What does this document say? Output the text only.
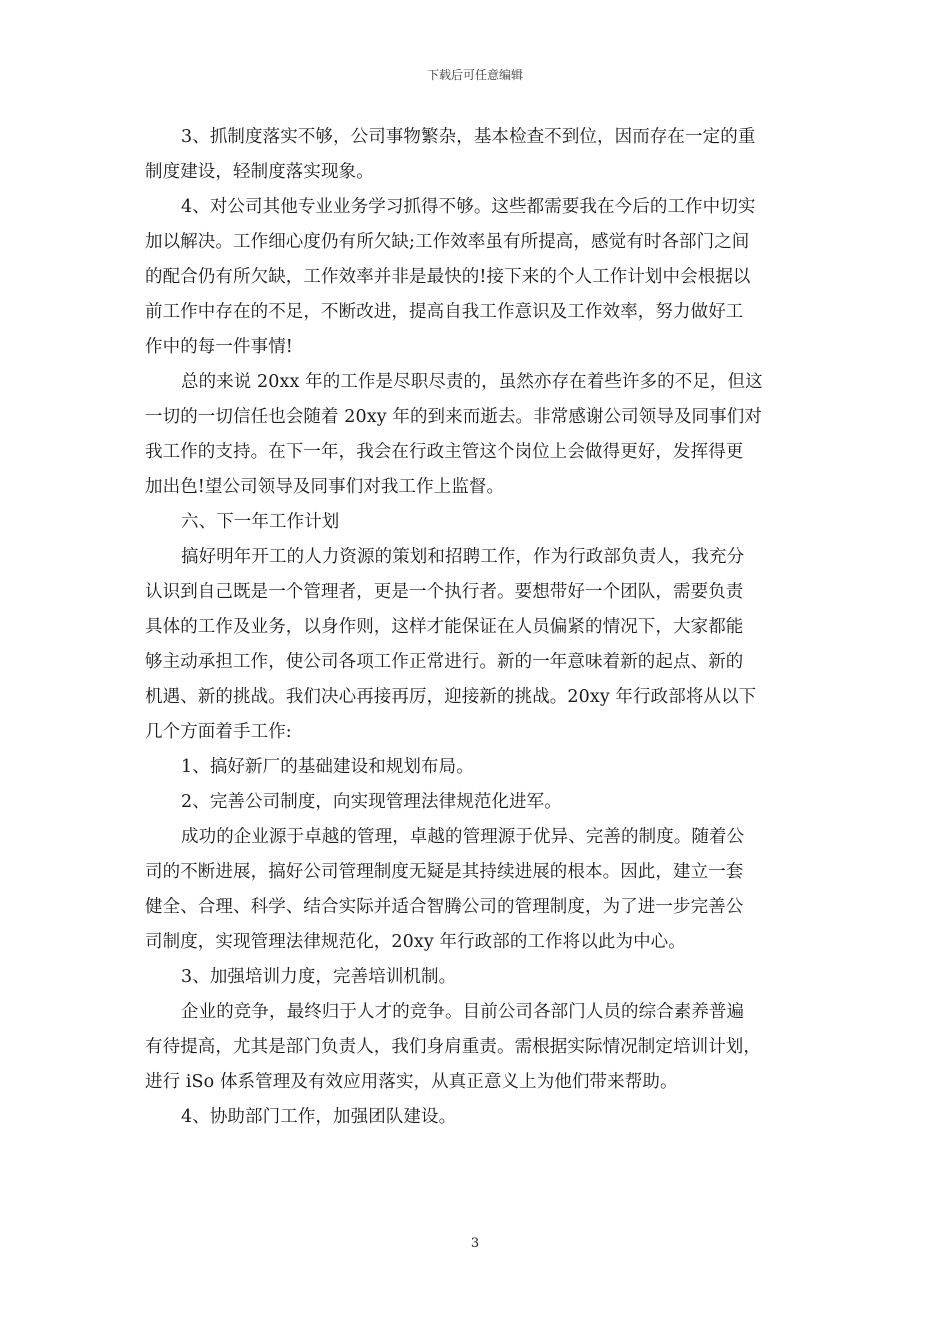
下载后可任意编辑

3、抓制度落实不够，公司事物繁杂，基本检查不到位，因而存在一定的重
制度建设，轻制度落实现象。

4、对公司其他专业业务学习抓得不够。这些都需要我在今后的工作中切实
加以解决。工作细心度仍有所欠缺;工作效率虽有所提高，感觉有时各部门之间
的配合仍有所欠缺，工作效率并非是最快的!接下来的个人工作计划中会根据以
前工作中存在的不足，不断改进，提高自我工作意识及工作效率，努力做好工
作中的每一件事情!

总的来说 20xx 年的工作是尽职尽责的，虽然亦存在着些许多的不足，但这
一切的一切信任也会随着 20xy 年的到来而逝去。非常感谢公司领导及同事们对
我工作的支持。在下一年，我会在行政主管这个岗位上会做得更好，发挥得更
加出色!望公司领导及同事们对我工作上监督。

六、下一年工作计划

搞好明年开工的人力资源的策划和招聘工作，作为行政部负责人，我充分
认识到自己既是一个管理者，更是一个执行者。要想带好一个团队，需要负责
具体的工作及业务，以身作则，这样才能保证在人员偏紧的情况下，大家都能
够主动承担工作，使公司各项工作正常进行。新的一年意味着新的起点、新的
机遇、新的挑战。我们决心再接再厉，迎接新的挑战。20xy 年行政部将从以下
几个方面着手工作:

1、搞好新厂的基础建设和规划布局。

2、完善公司制度，向实现管理法律规范化进军。

成功的企业源于卓越的管理，卓越的管理源于优异、完善的制度。随着公
司的不断进展，搞好公司管理制度无疑是其持续进展的根本。因此，建立一套
健全、合理、科学、结合实际并适合智腾公司的管理制度，为了进一步完善公
司制度，实现管理法律规范化，20xy 年行政部的工作将以此为中心。

3、加强培训力度，完善培训机制。

企业的竞争，最终归于人才的竞争。目前公司各部门人员的综合素养普遍
有待提高，尤其是部门负责人，我们身肩重责。需根据实际情况制定培训计划，
进行 iSo 体系管理及有效应用落实，从真正意义上为他们带来帮助。

4、协助部门工作，加强团队建设。

3
